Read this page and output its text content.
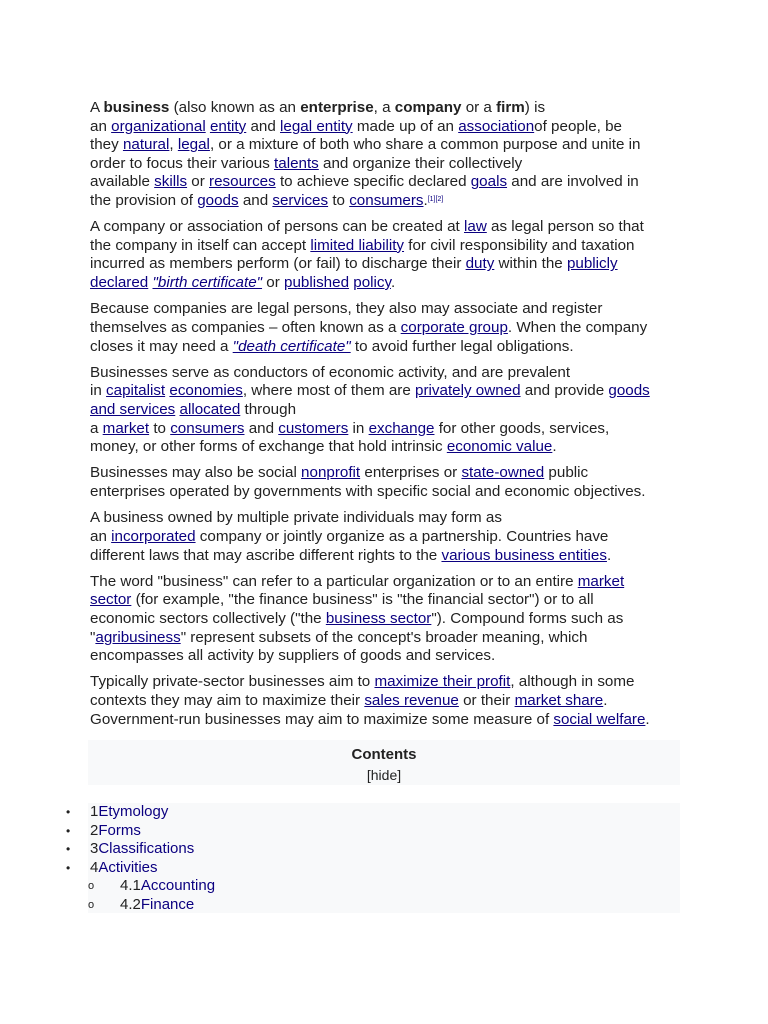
A business (also known as an enterprise, a company or a firm) is
an organizational entity and legal entity made up of an associationof people, be
they natural, legal, or a mixture of both who share a common purpose and unite in
order to focus their various talents and organize their collectively
available skills or resources to achieve specific declared goals and are involved in
the provision of goods and services to consumers.[1][2]

A company or association of persons can be created at law as legal person so that
the company in itself can accept limited liability for civil responsibility and taxation
incurred as members perform (or fail) to discharge their duty within the publicly
declared "birth certificate" or published policy.

Because companies are legal persons, they also may associate and register
themselves as companies – often known as a corporate group. When the company
closes it may need a "death certificate" to avoid further legal obligations.

Businesses serve as conductors of economic activity, and are prevalent
in capitalist economies, where most of them are privately owned and provide goods
and services allocated through
a market to consumers and customers in exchange for other goods, services,
money, or other forms of exchange that hold intrinsic economic value.

Businesses may also be social nonprofit enterprises or state-owned public
enterprises operated by governments with specific social and economic objectives.

A business owned by multiple private individuals may form as
an incorporated company or jointly organize as a partnership. Countries have
different laws that may ascribe different rights to the various business entities.

The word "business" can refer to a particular organization or to an entire market
sector (for example, "the finance business" is "the financial sector") or to all
economic sectors collectively ("the business sector"). Compound forms such as
"agribusiness" represent subsets of the concept's broader meaning, which
encompasses all activity by suppliers of goods and services.

Typically private-sector businesses aim to maximize their profit, although in some
contexts they may aim to maximize their sales revenue or their market share.
Government-run businesses may aim to maximize some measure of social welfare.

Contents
[hide]
• 1Etymology
• 2Forms
• 3Classifications
• 4Activities
o 4.1Accounting
o 4.2Finance
